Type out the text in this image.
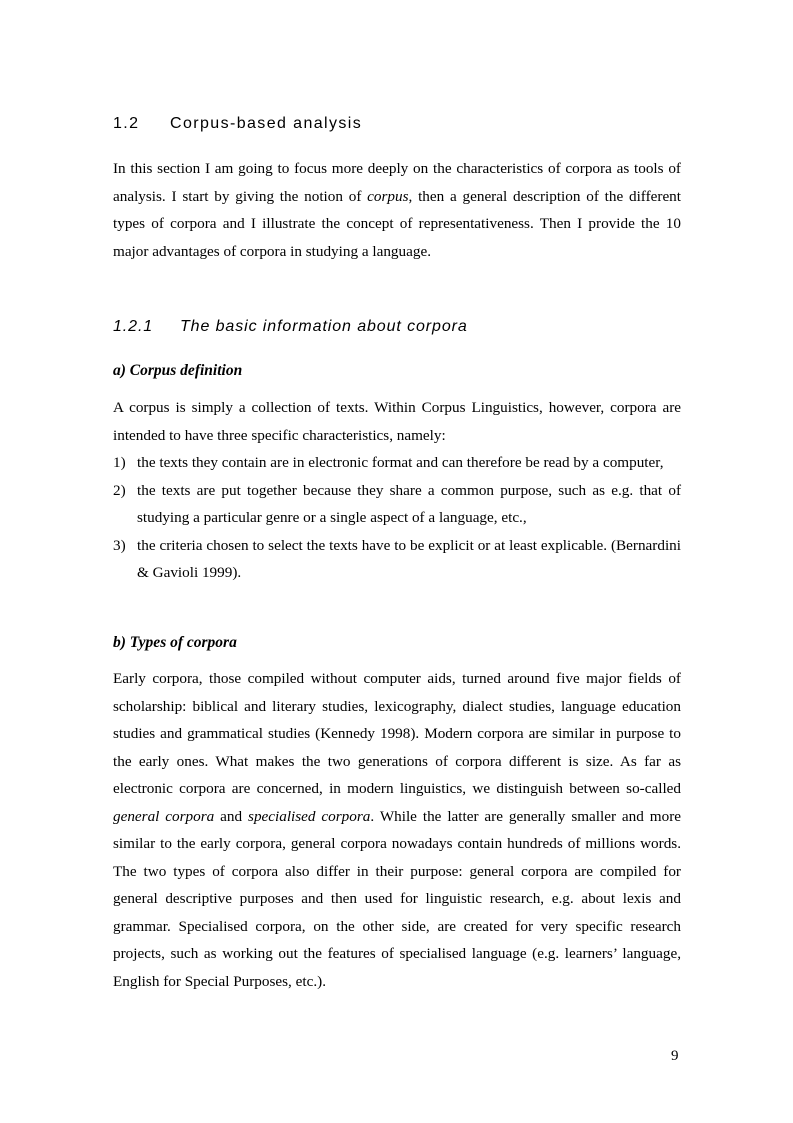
1.2 Corpus-based analysis

In this section I am going to focus more deeply on the characteristics of corpora as tools of analysis. I start by giving the notion of corpus, then a general description of the different types of corpora and I illustrate the concept of representativeness. Then I provide the 10 major advantages of corpora in studying a language.

1.2.1 The basic information about corpora
a) Corpus definition

A corpus is simply a collection of texts. Within Corpus Linguistics, however, corpora are intended to have three specific characteristics, namely:

1) the texts they contain are in electronic format and can therefore be read by a computer,
2) the texts are put together because they share a common purpose, such as e.g. that of studying a particular genre or a single aspect of a language, etc.,
3) the criteria chosen to select the texts have to be explicit or at least explicable. (Bernardini & Gavioli 1999).
b) Types of corpora

Early corpora, those compiled without computer aids, turned around five major fields of scholarship: biblical and literary studies, lexicography, dialect studies, language education studies and grammatical studies (Kennedy 1998). Modern corpora are similar in purpose to the early ones. What makes the two generations of corpora different is size. As far as electronic corpora are concerned, in modern linguistics, we distinguish between so-called general corpora and specialised corpora. While the latter are generally smaller and more similar to the early corpora, general corpora nowadays contain hundreds of millions words. The two types of corpora also differ in their purpose: general corpora are compiled for general descriptive purposes and then used for linguistic research, e.g. about lexis and grammar. Specialised corpora, on the other side, are created for very specific research projects, such as working out the features of specialised language (e.g. learners’ language, English for Special Purposes, etc.).

9
